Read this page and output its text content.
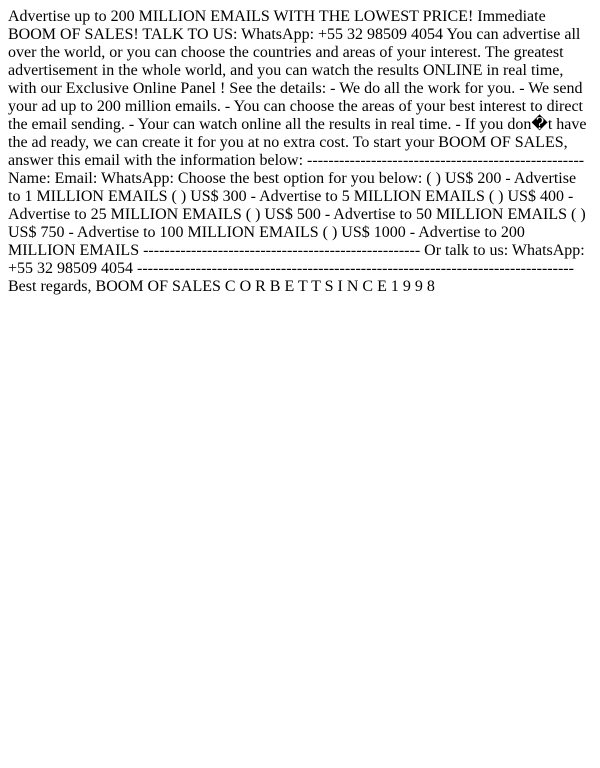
Advertise up to 200 MILLION EMAILS WITH THE LOWEST PRICE! Immediate BOOM OF SALES! TALK TO US: WhatsApp: +55 32 98509 4054 You can advertise all over the world, or you can choose the countries and areas of your interest. The greatest advertisement in the whole world, and you can watch the results ONLINE in real time, with our Exclusive Online Panel ! See the details: - We do all the work for you. - We send your ad up to 200 million emails. - You can choose the areas of your best interest to direct the email sending. - Your can watch online all the results in real time. - If you don�t have the ad ready, we can create it for you at no extra cost. To start your BOOM OF SALES, answer this email with the information below: ---------------------------------------------------- Name: Email: WhatsApp: Choose the best option for you below: ( ) US$ 200 - Advertise to 1 MILLION EMAILS ( ) US$ 300 - Advertise to 5 MILLION EMAILS ( ) US$ 400 - Advertise to 25 MILLION EMAILS ( ) US$ 500 - Advertise to 50 MILLION EMAILS ( ) US$ 750 - Advertise to 100 MILLION EMAILS ( ) US$ 1000 - Advertise to 200 MILLION EMAILS ---------------------------------------------------- Or talk to us: WhatsApp: +55 32 98509 4054 ---------------------------------------------------------------------------------- Best regards, BOOM OF SALES C O R B E T T S I N C E 1 9 9 8
